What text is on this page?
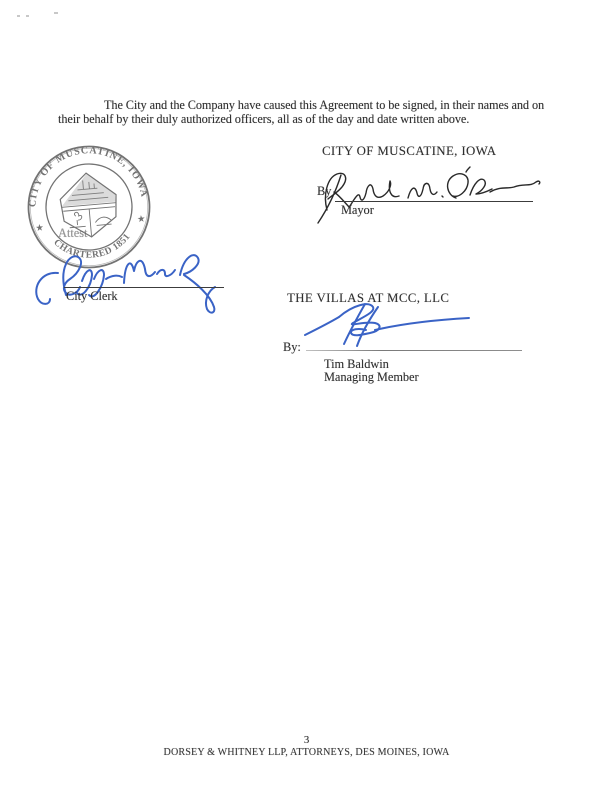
The City and the Company have caused this Agreement to be signed, in their names and on their behalf by their duly authorized officers, all as of the day and date written above.

CITY OF MUSCATINE, IOWA
By
Mayor
Attest
CITY OF MUSCATINE, IOWA
CHARTERED 1851
★
★
City Clerk	THE VILLAS AT MCC, LLC
By:
Tim Baldwin
Managing Member
3
DORSEY & WHITNEY LLP, ATTORNEYS, DES MOINES, IOWA
